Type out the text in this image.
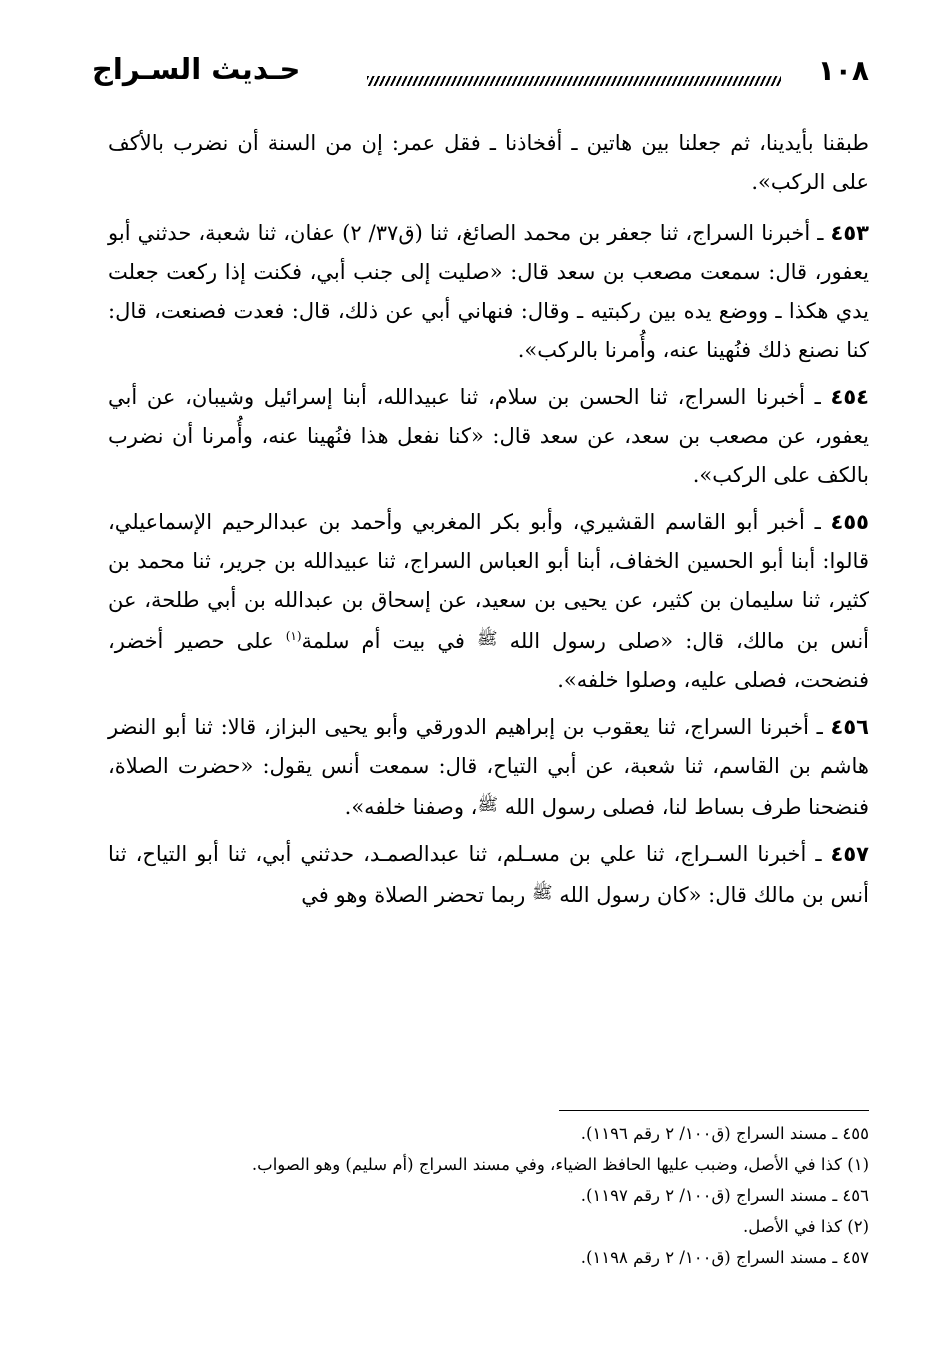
١٠٨
حـديث السـراج

طبقنا بأيدينا، ثم جعلنا بين هاتين ـ أفخاذنا ـ فقل عمر: إن من السنة أن نضرب بالأكف على الركب».

٤٥٣ ـ أخبرنا السراج، ثنا جعفر بن محمد الصائغ، ثنا (ق٣٧/ ٢) عفان، ثنا شعبة، حدثني أبو يعفور، قال: سمعت مصعب بن سعد قال: «صليت إلى جنب أبي، فكنت إذا ركعت جعلت يدي هكذا ـ ووضع يده بين ركبتيه ـ وقال: فنهاني أبي عن ذلك، قال: فعدت فصنعت، قال: كنا نصنع ذلك فنُهينا عنه، وأُمرنا بالركب».

٤٥٤ ـ أخبرنا السراج، ثنا الحسن بن سلام، ثنا عبيدالله، أبنا إسرائيل وشيبان، عن أبي يعفور، عن مصعب بن سعد، عن سعد قال: «كنا نفعل هذا فنُهينا عنه، وأُمرنا أن نضرب بالكف على الركب».

٤٥٥ ـ أخبر أبو القاسم القشيري، وأبو بكر المغربي وأحمد بن عبدالرحيم الإسماعيلي، قالوا: أبنا أبو الحسين الخفاف، أبنا أبو العباس السراج، ثنا عبيدالله بن جرير، ثنا محمد بن كثير، ثنا سليمان بن كثير، عن يحيى بن سعيد، عن إسحاق بن عبدالله بن أبي طلحة، عن أنس بن مالك، قال: «صلى رسول الله ﷺ في بيت أم سلمة$^{(١)}$ على حصير أخضر، فنضحت، فصلى عليه، وصلوا خلفه».

٤٥٦ ـ أخبرنا السراج، ثنا يعقوب بن إبراهيم الدورقي وأبو يحيى البزاز، قالا: ثنا أبو النضر هاشم بن القاسم، ثنا شعبة، عن أبي التياح، قال: سمعت أنس يقول: «حضرت الصلاة، فنضحنا طرف بساط لنا، فصلى رسول الله ﷺ، وصفنا خلفه».

٤٥٧ ـ أخبرنا السـراج، ثنا علي بن مسـلم، ثنا عبدالصمـد، حدثني أبي، ثنا أبو التياح، ثنا أنس بن مالك قال: «كان رسول الله ﷺ ربما تحضر الصلاة وهو في

٤٥٥ ـ مسند السراج (ق١٠٠/ ٢ رقم ١١٩٦).

(١) كذا في الأصل، وضبب عليها الحافظ الضياء، وفي مسند السراج (أم سليم) وهو الصواب.

٤٥٦ ـ مسند السراج (ق١٠٠/ ٢ رقم ١١٩٧).

(٢) كذا في الأصل.

٤٥٧ ـ مسند السراج (ق١٠٠/ ٢ رقم ١١٩٨).
